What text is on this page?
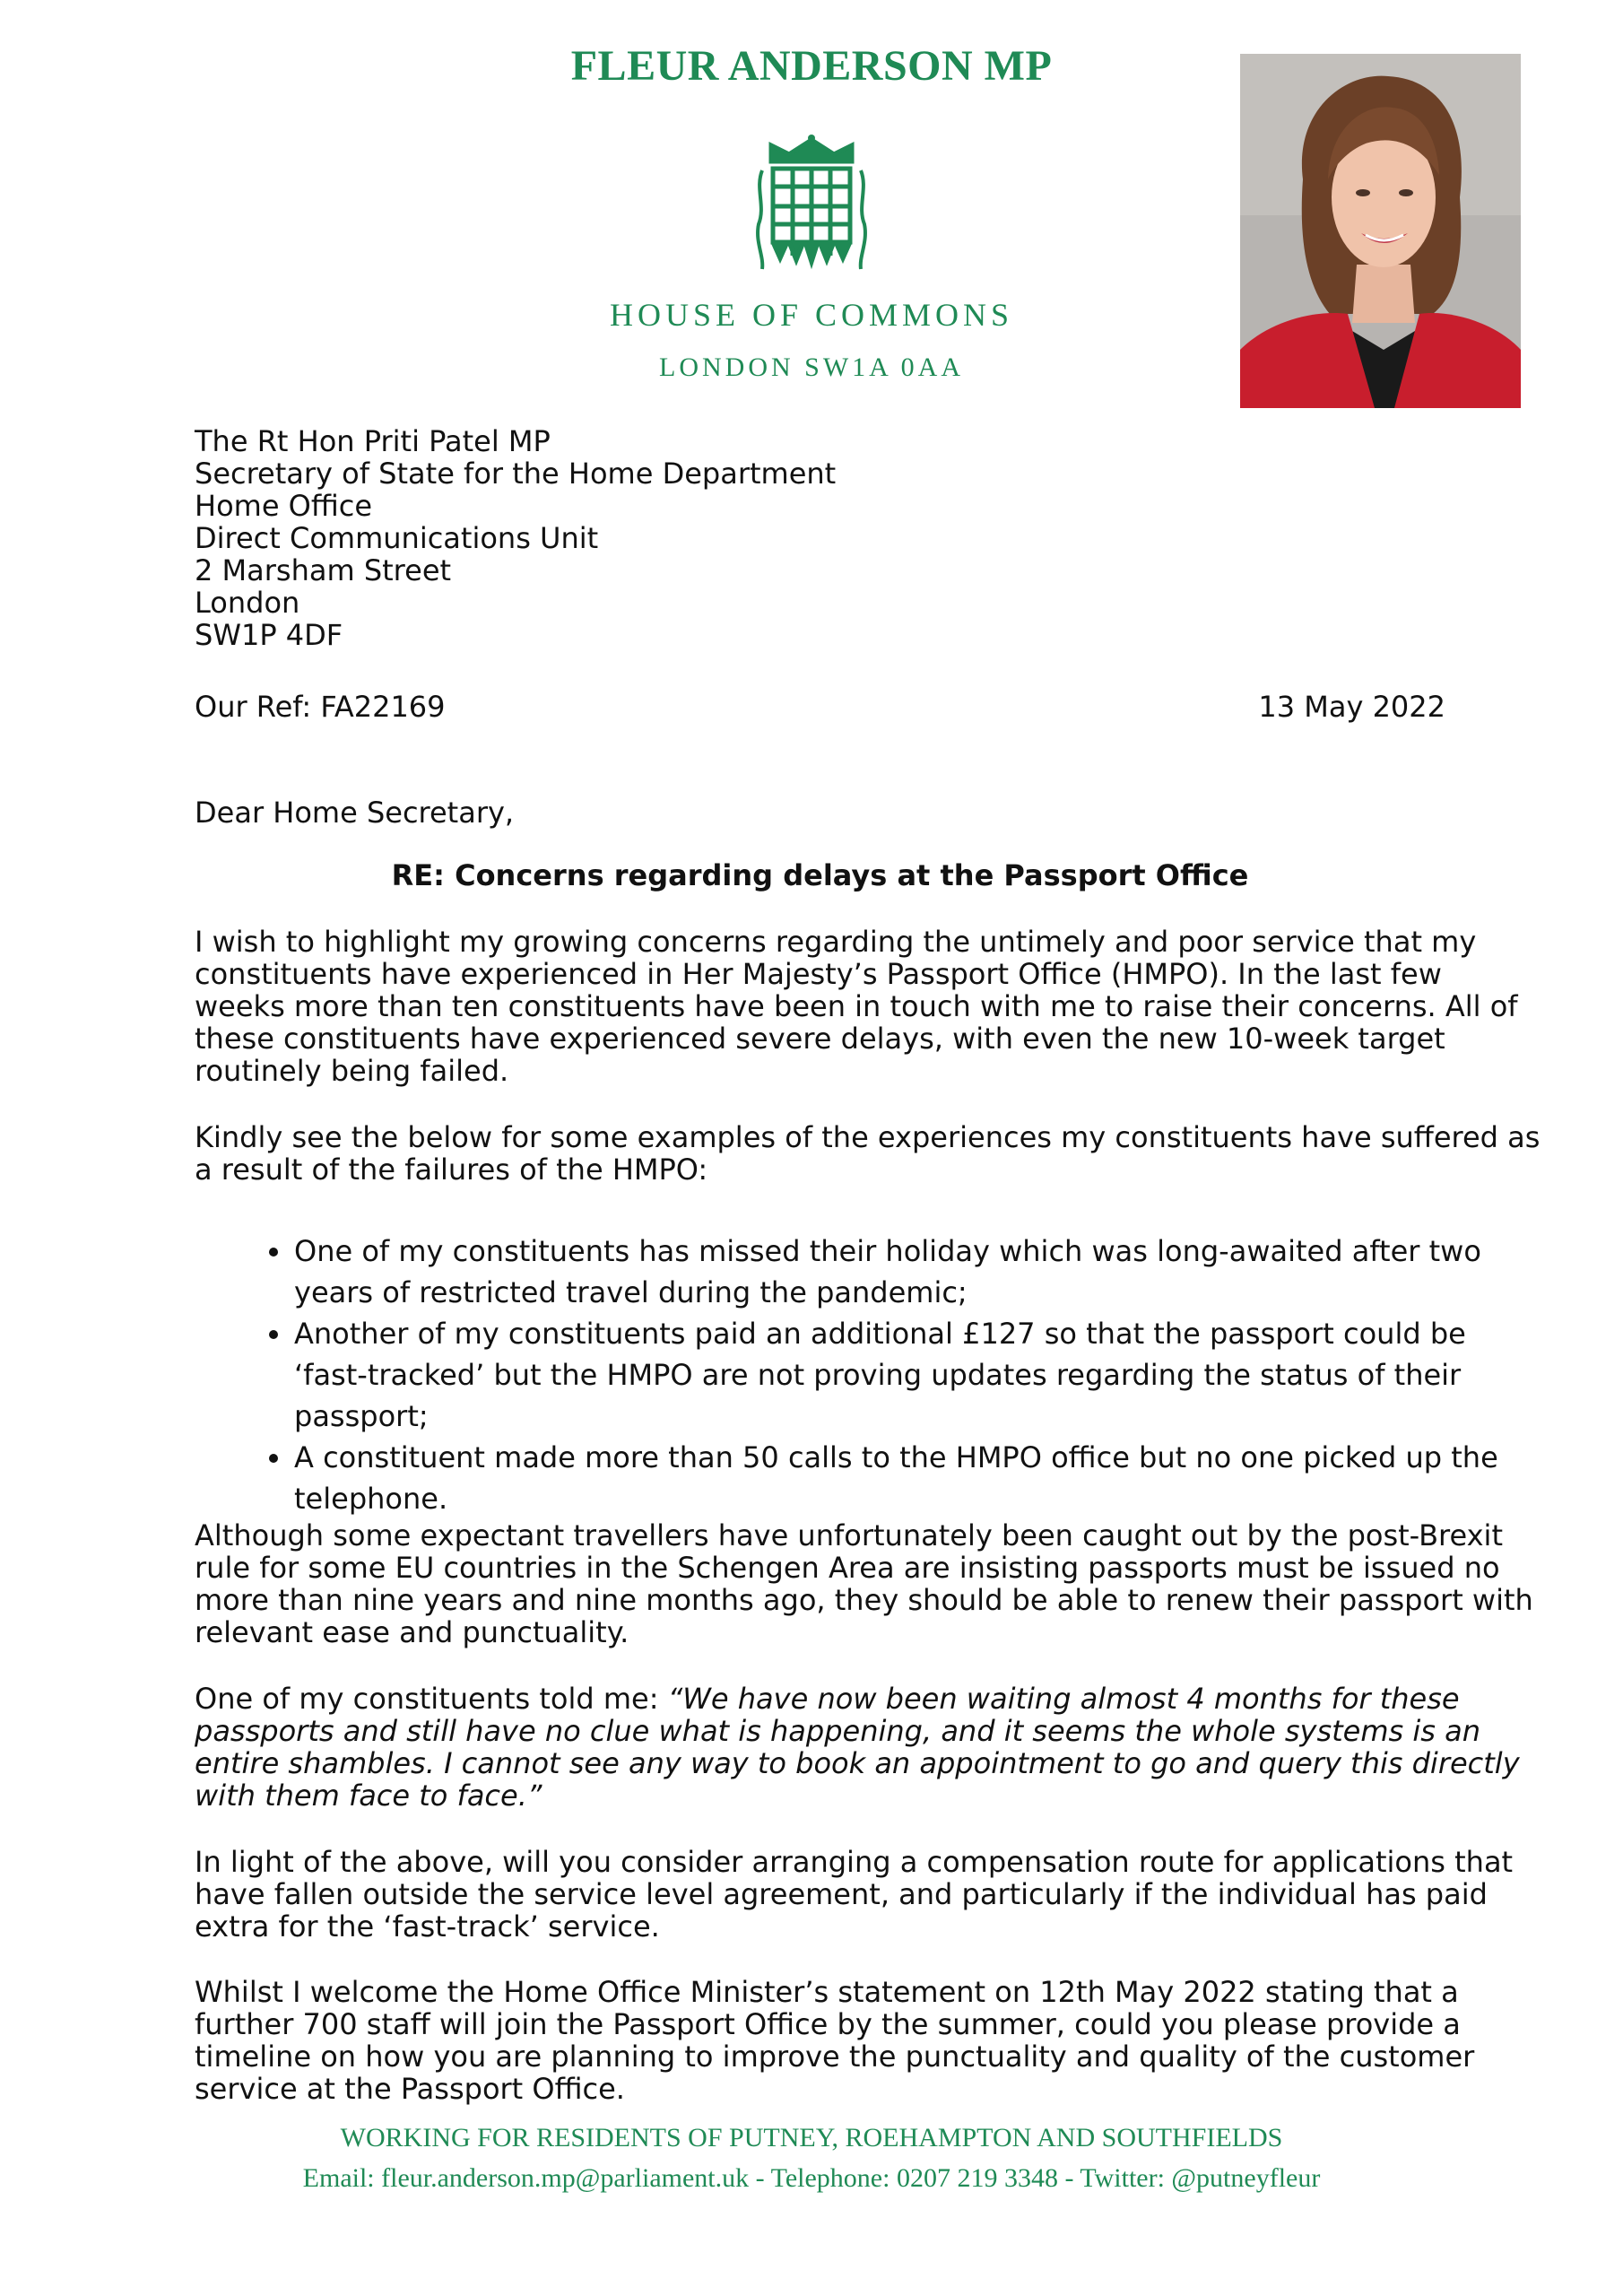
FLEUR ANDERSON MP
HOUSE OF COMMONS
LONDON SW1A 0AA
The Rt Hon Priti Patel MP
Secretary of State for the Home Department
Home Office
Direct Communications Unit
2 Marsham Street
London
SW1P 4DF
Our Ref: FA22169	13 May 2022
Dear Home Secretary,
RE: Concerns regarding delays at the Passport Office
I wish to highlight my growing concerns regarding the untimely and poor service that my
constituents have experienced in Her Majesty’s Passport Office (HMPO). In the last few
weeks more than ten constituents have been in touch with me to raise their concerns. All of
these constituents have experienced severe delays, with even the new 10-week target
routinely being failed.
Kindly see the below for some examples of the experiences my constituents have suffered as
a result of the failures of the HMPO:
One of my constituents has missed their holiday which was long-awaited after two
years of restricted travel during the pandemic;
Another of my constituents paid an additional £127 so that the passport could be
‘fast-tracked’ but the HMPO are not proving updates regarding the status of their
passport;
A constituent made more than 50 calls to the HMPO office but no one picked up the
telephone.
Although some expectant travellers have unfortunately been caught out by the post-Brexit
rule for some EU countries in the Schengen Area are insisting passports must be issued no
more than nine years and nine months ago, they should be able to renew their passport with
relevant ease and punctuality.
One of my constituents told me: “We have now been waiting almost 4 months for these
passports and still have no clue what is happening, and it seems the whole systems is an
entire shambles. I cannot see any way to book an appointment to go and query this directly
with them face to face.”
In light of the above, will you consider arranging a compensation route for applications that
have fallen outside the service level agreement, and particularly if the individual has paid
extra for the ‘fast-track’ service.
Whilst I welcome the Home Office Minister’s statement on 12th May 2022 stating that a
further 700 staff will join the Passport Office by the summer, could you please provide a
timeline on how you are planning to improve the punctuality and quality of the customer
service at the Passport Office.
WORKING FOR RESIDENTS OF PUTNEY, ROEHAMPTON AND SOUTHFIELDS
Email: fleur.anderson.mp@parliament.uk - Telephone: 0207 219 3348 - Twitter: @putneyfleur
